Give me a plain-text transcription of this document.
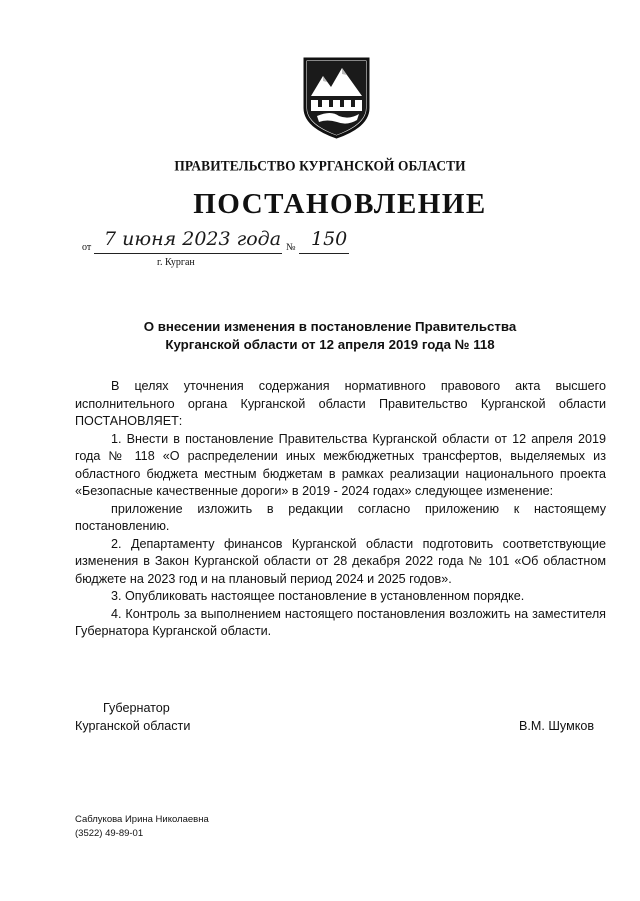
ПРАВИТЕЛЬСТВО КУРГАНСКОЙ ОБЛАСТИ
ПОСТАНОВЛЕНИЕ
от 7 июня 2023 года № 150
г. Курган
О внесении изменения в постановление Правительства
Курганской области от 12 апреля 2019 года № 118

В целях уточнения содержания нормативного правового акта высшего исполнительного органа Курганской области Правительство Курганской области ПОСТАНОВЛЯЕТ:

1. Внести в постановление Правительства Курганской области от 12 апреля 2019 года № 118 «О распределении иных межбюджетных трансфертов, выделяемых из областного бюджета местным бюджетам в рамках реализации национального проекта «Безопасные качественные дороги» в 2019 - 2024 годах» следующее изменение:

приложение изложить в редакции согласно приложению к настоящему постановлению.

2. Департаменту финансов Курганской области подготовить соответствующие изменения в Закон Курганской области от 28 декабря 2022 года № 101 «Об областном бюджете на 2023 год и на плановый период 2024 и 2025 годов».

3. Опубликовать настоящее постановление в установленном порядке.

4. Контроль за выполнением настоящего постановления возложить на заместителя Губернатора Курганской области.

Губернатор
Курганской области	В.М. Шумков
Саблукова Ирина Николаевна
(3522) 49-89-01
